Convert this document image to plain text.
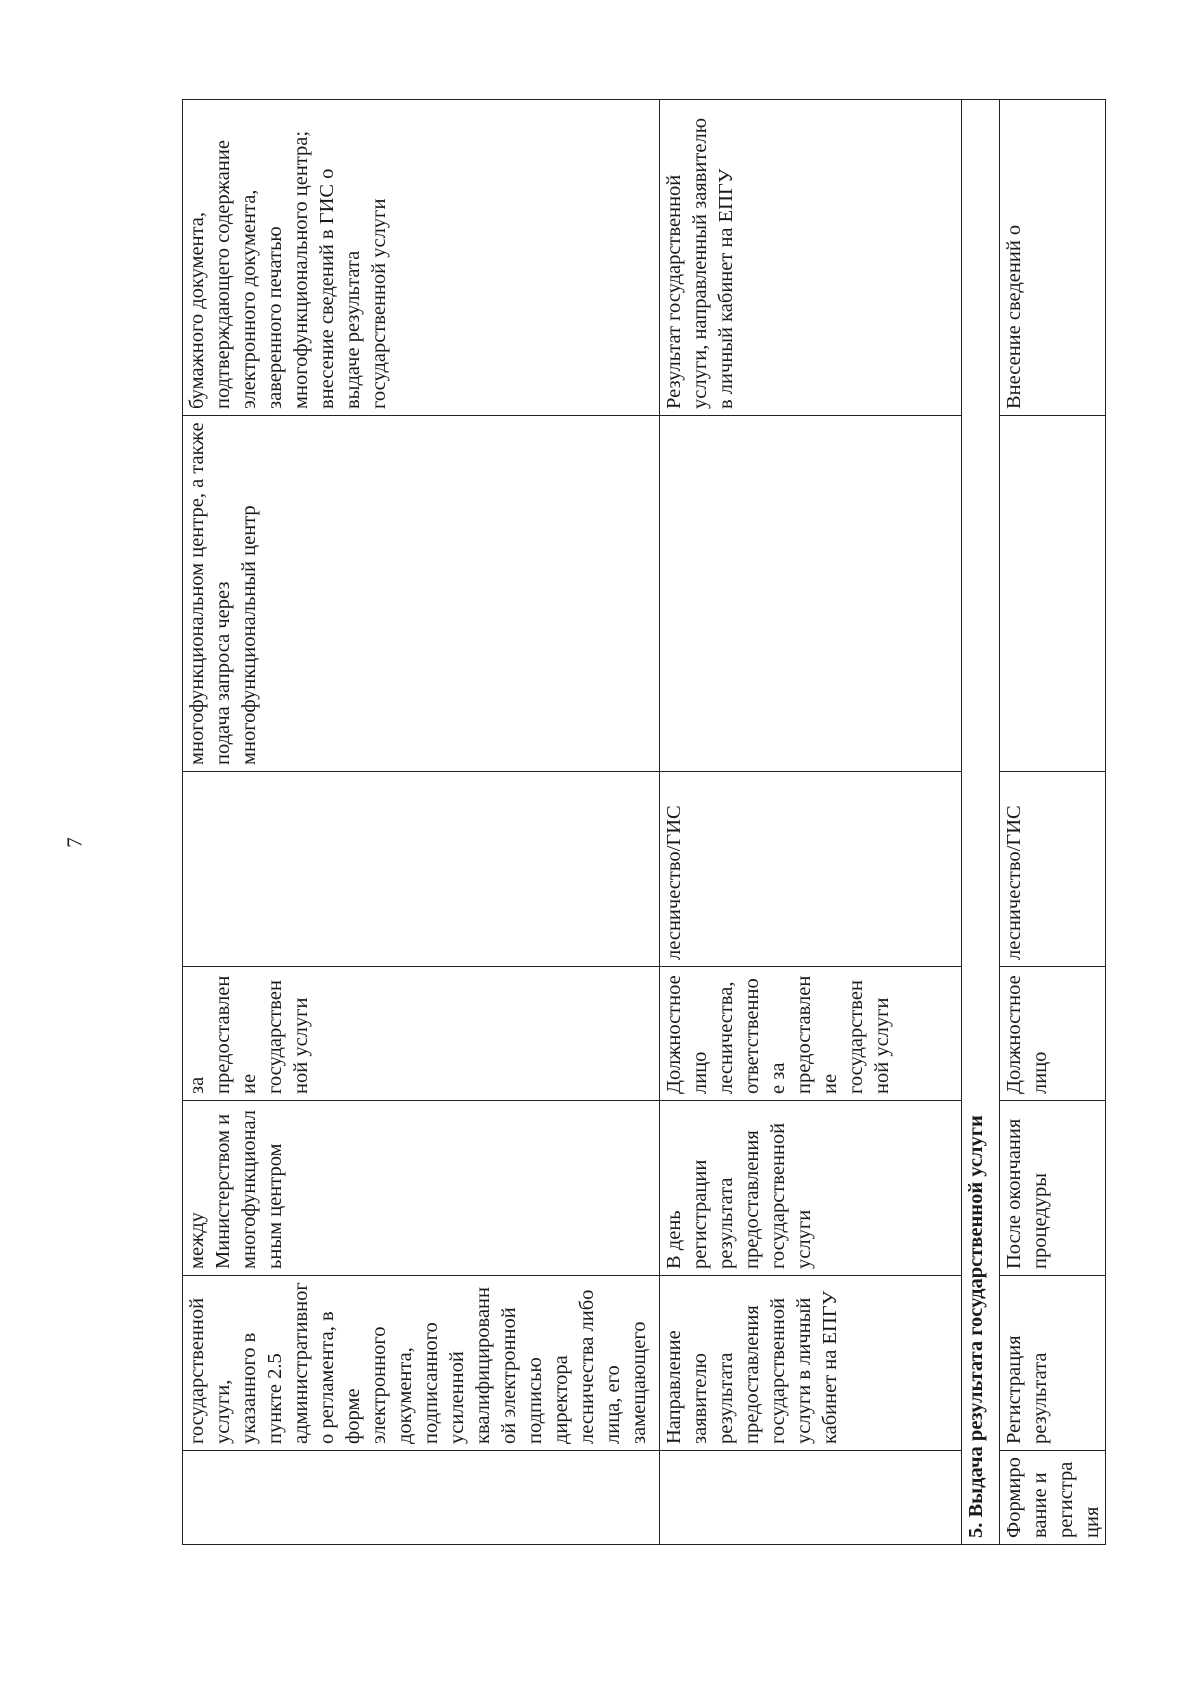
7
	государственной услуги, указанного в пункте 2.5 административного регламента, в форме электронного документа, подписанного усиленной квалифицированной электронной подписью директора лесничества либо лица, его замещающего	между Министерством и многофункциональным центром	за предоставление государственной услуги		многофункциональном центре, а также подача запроса через многофункциональный центр	бумажного документа, подтверждающего содержание электронного документа, заверенного печатью многофункционального центра; внесение сведений в ГИС о выдаче результата государственной услуги
	Направление заявителю результата предоставления государственной услуги в личный кабинет на ЕПГУ	В день регистрации результата предоставления государственной услуги	Должностное лицо лесничества, ответственное за предоставление государственной услуги	лесничество/ГИС		Результат государственной услуги, направленный заявителю в личный кабинет на ЕПГУ
5. Выдача результата государственной услуги						
Формирование и регистрация	Регистрация результата	После окончания процедуры	Должностное лицо	лесничество/ГИС		Внесение сведений о
